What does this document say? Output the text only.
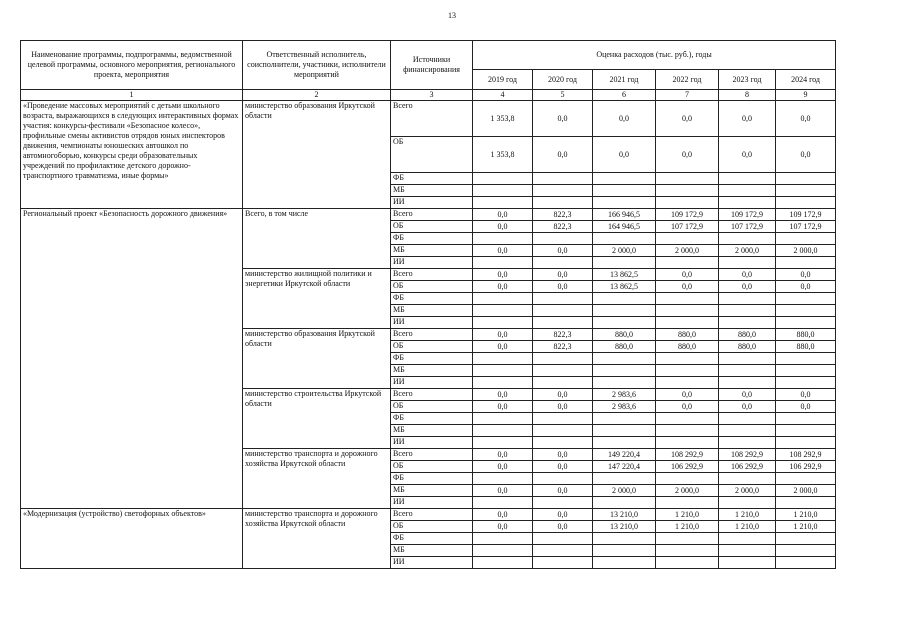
13
Наименование программы, подпрограммы, ведомственной целевой программы, основного мероприятия, регионального проекта, мероприятия	Ответственный исполнитель, соисполнители, участники, исполнители мероприятий	Источники финансирования	Оценка расходов (тыс. руб.), годы					
			2019 год	2020 год	2021 год	2022 год	2023 год	2024 год
1	2	3	4	5	6	7	8	9
«Проведение массовых мероприятий с детьми школьного возраста, выражающихся в следующих интерактивных формах участия: конкурсы-фестивали «Безопасное колесо», профильные смены активистов отрядов юных инспекторов движения, чемпионаты юношеских автошкол по автомногоборью, конкурсы среди образовательных учреждений по профилактике детского дорожно-транспортного травматизма, иные формы»	министерство образования Иркутской области	Всего	1 353,8	0,0	0,0	0,0	0,0	0,0
		ОБ	1 353,8	0,0	0,0	0,0	0,0	0,0
		ФБ						
		МБ						
		ИИ						
Региональный проект «Безопасность дорожного движения»	Всего, в том числе	Всего	0,0	822,3	166 946,5	109 172,9	109 172,9	109 172,9
		ОБ	0,0	822,3	164 946,5	107 172,9	107 172,9	107 172,9
		ФБ						
		МБ	0,0	0,0	2 000,0	2 000,0	2 000,0	2 000,0
		ИИ						
	министерство жилищной политики и энергетики Иркутской области	Всего	0,0	0,0	13 862,5	0,0	0,0	0,0
		ОБ	0,0	0,0	13 862,5	0,0	0,0	0,0
		ФБ						
		МБ						
		ИИ						
	министерство образования Иркутской области	Всего	0,0	822,3	880,0	880,0	880,0	880,0
		ОБ	0,0	822,3	880,0	880,0	880,0	880,0
		ФБ						
		МБ						
		ИИ						
	министерство строительства Иркутской области	Всего	0,0	0,0	2 983,6	0,0	0,0	0,0
		ОБ	0,0	0,0	2 983,6	0,0	0,0	0,0
		ФБ						
		МБ						
		ИИ						
	министерство транспорта и дорожного хозяйства Иркутской области	Всего	0,0	0,0	149 220,4	108 292,9	108 292,9	108 292,9
		ОБ	0,0	0,0	147 220,4	106 292,9	106 292,9	106 292,9
		ФБ						
		МБ	0,0	0,0	2 000,0	2 000,0	2 000,0	2 000,0
		ИИ						
«Модернизация (устройство) светофорных объектов»	министерство транспорта и дорожного хозяйства Иркутской области	Всего	0,0	0,0	13 210,0	1 210,0	1 210,0	1 210,0
		ОБ	0,0	0,0	13 210,0	1 210,0	1 210,0	1 210,0
		ФБ						
		МБ						
		ИИ						
